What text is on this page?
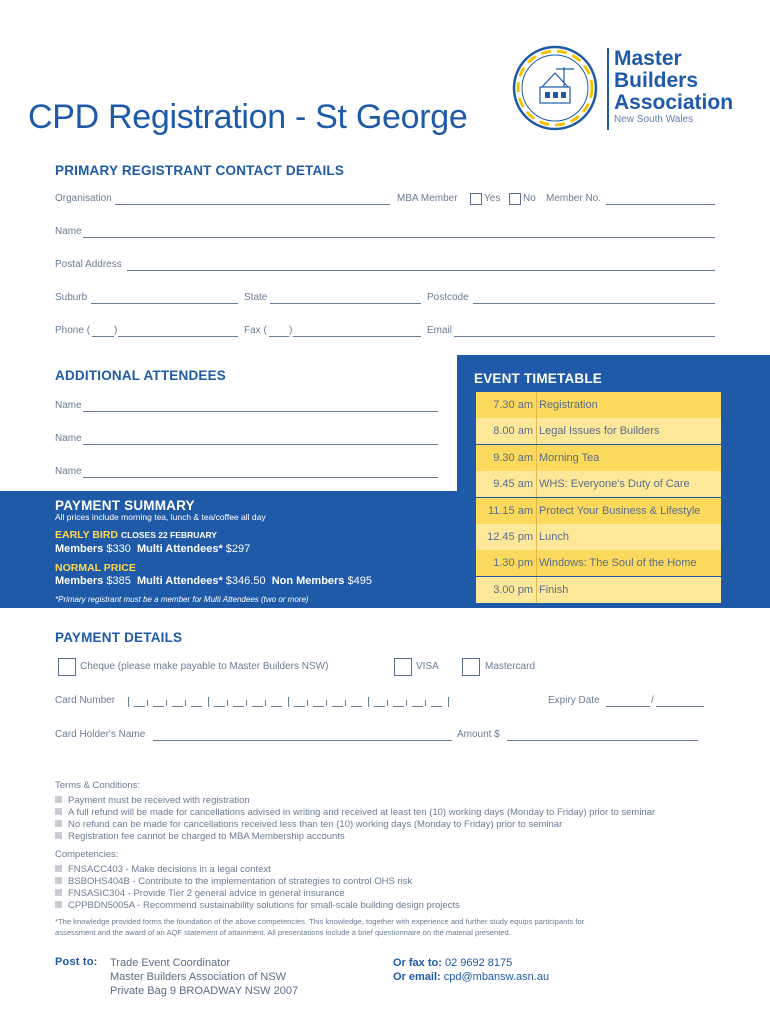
CPD Registration - St George
Master
Builders
Association
New South Wales
PRIMARY REGISTRANT CONTACT DETAILS
Organisation	MBA Member	Yes No Member No.
Name
Postal Address
Suburb	State	Postcode
Phone ( )	Fax ( )	Email
EVENT TIMETABLE
7.30 am Registration
8.00 am Legal Issues for Builders
9.30 am Morning Tea
9.45 am WHS: Everyone's Duty of Care
11.15 am Protect Your Business & Lifestyle
12.45 pm Lunch
1.30 pm Windows: The Soul of the Home
3.00 pm Finish
ADDITIONAL ATTENDEES
Name
Name
Name
PAYMENT SUMMARY
All prices include morning tea, lunch & tea/coffee all day
EARLY BIRD CLOSES 22 FEBRUARY
Members $330 Multi Attendees* $297
NORMAL PRICE
Members $385 Multi Attendees* $346.50 Non Members $495
*Primary registrant must be a member for Multi Attendees (two or more)
PAYMENT DETAILS
Cheque (please make payable to Master Builders NSW)	VISA	Mastercard
Card Number	Expiry Date	/
Card Holder's Name	Amount $
Terms & Conditions:
Payment must be received with registration
A full refund will be made for cancellations advised in writing and received at least ten (10) working days (Monday to Friday) prior to seminar
No refund can be made for cancellations received less than ten (10) working days (Monday to Friday) prior to seminar
Registration fee cannot be charged to MBA Membership accounts
Competencies:
FNSACC403 - Make decisions in a legal context
BSBOHS404B - Contribute to the implementation of strategies to control OHS risk
FNSASIC304 - Provide Tier 2 general advice in general insurance
CPPBDN5005A - Recommend sustainability solutions for small-scale building design projects
*The knowledge provided forms the foundation of the above competencies. This knowledge, together with experience and further study equips participants for
assessment and the award of an AQF statement of attainment. All presentations include a brief questionnaire on the material presented.
Post to: Trade Event Coordinator
Master Builders Association of NSW
Private Bag 9 BROADWAY NSW 2007
Or fax to: 02 9692 8175
Or email: cpd@mbansw.asn.au
